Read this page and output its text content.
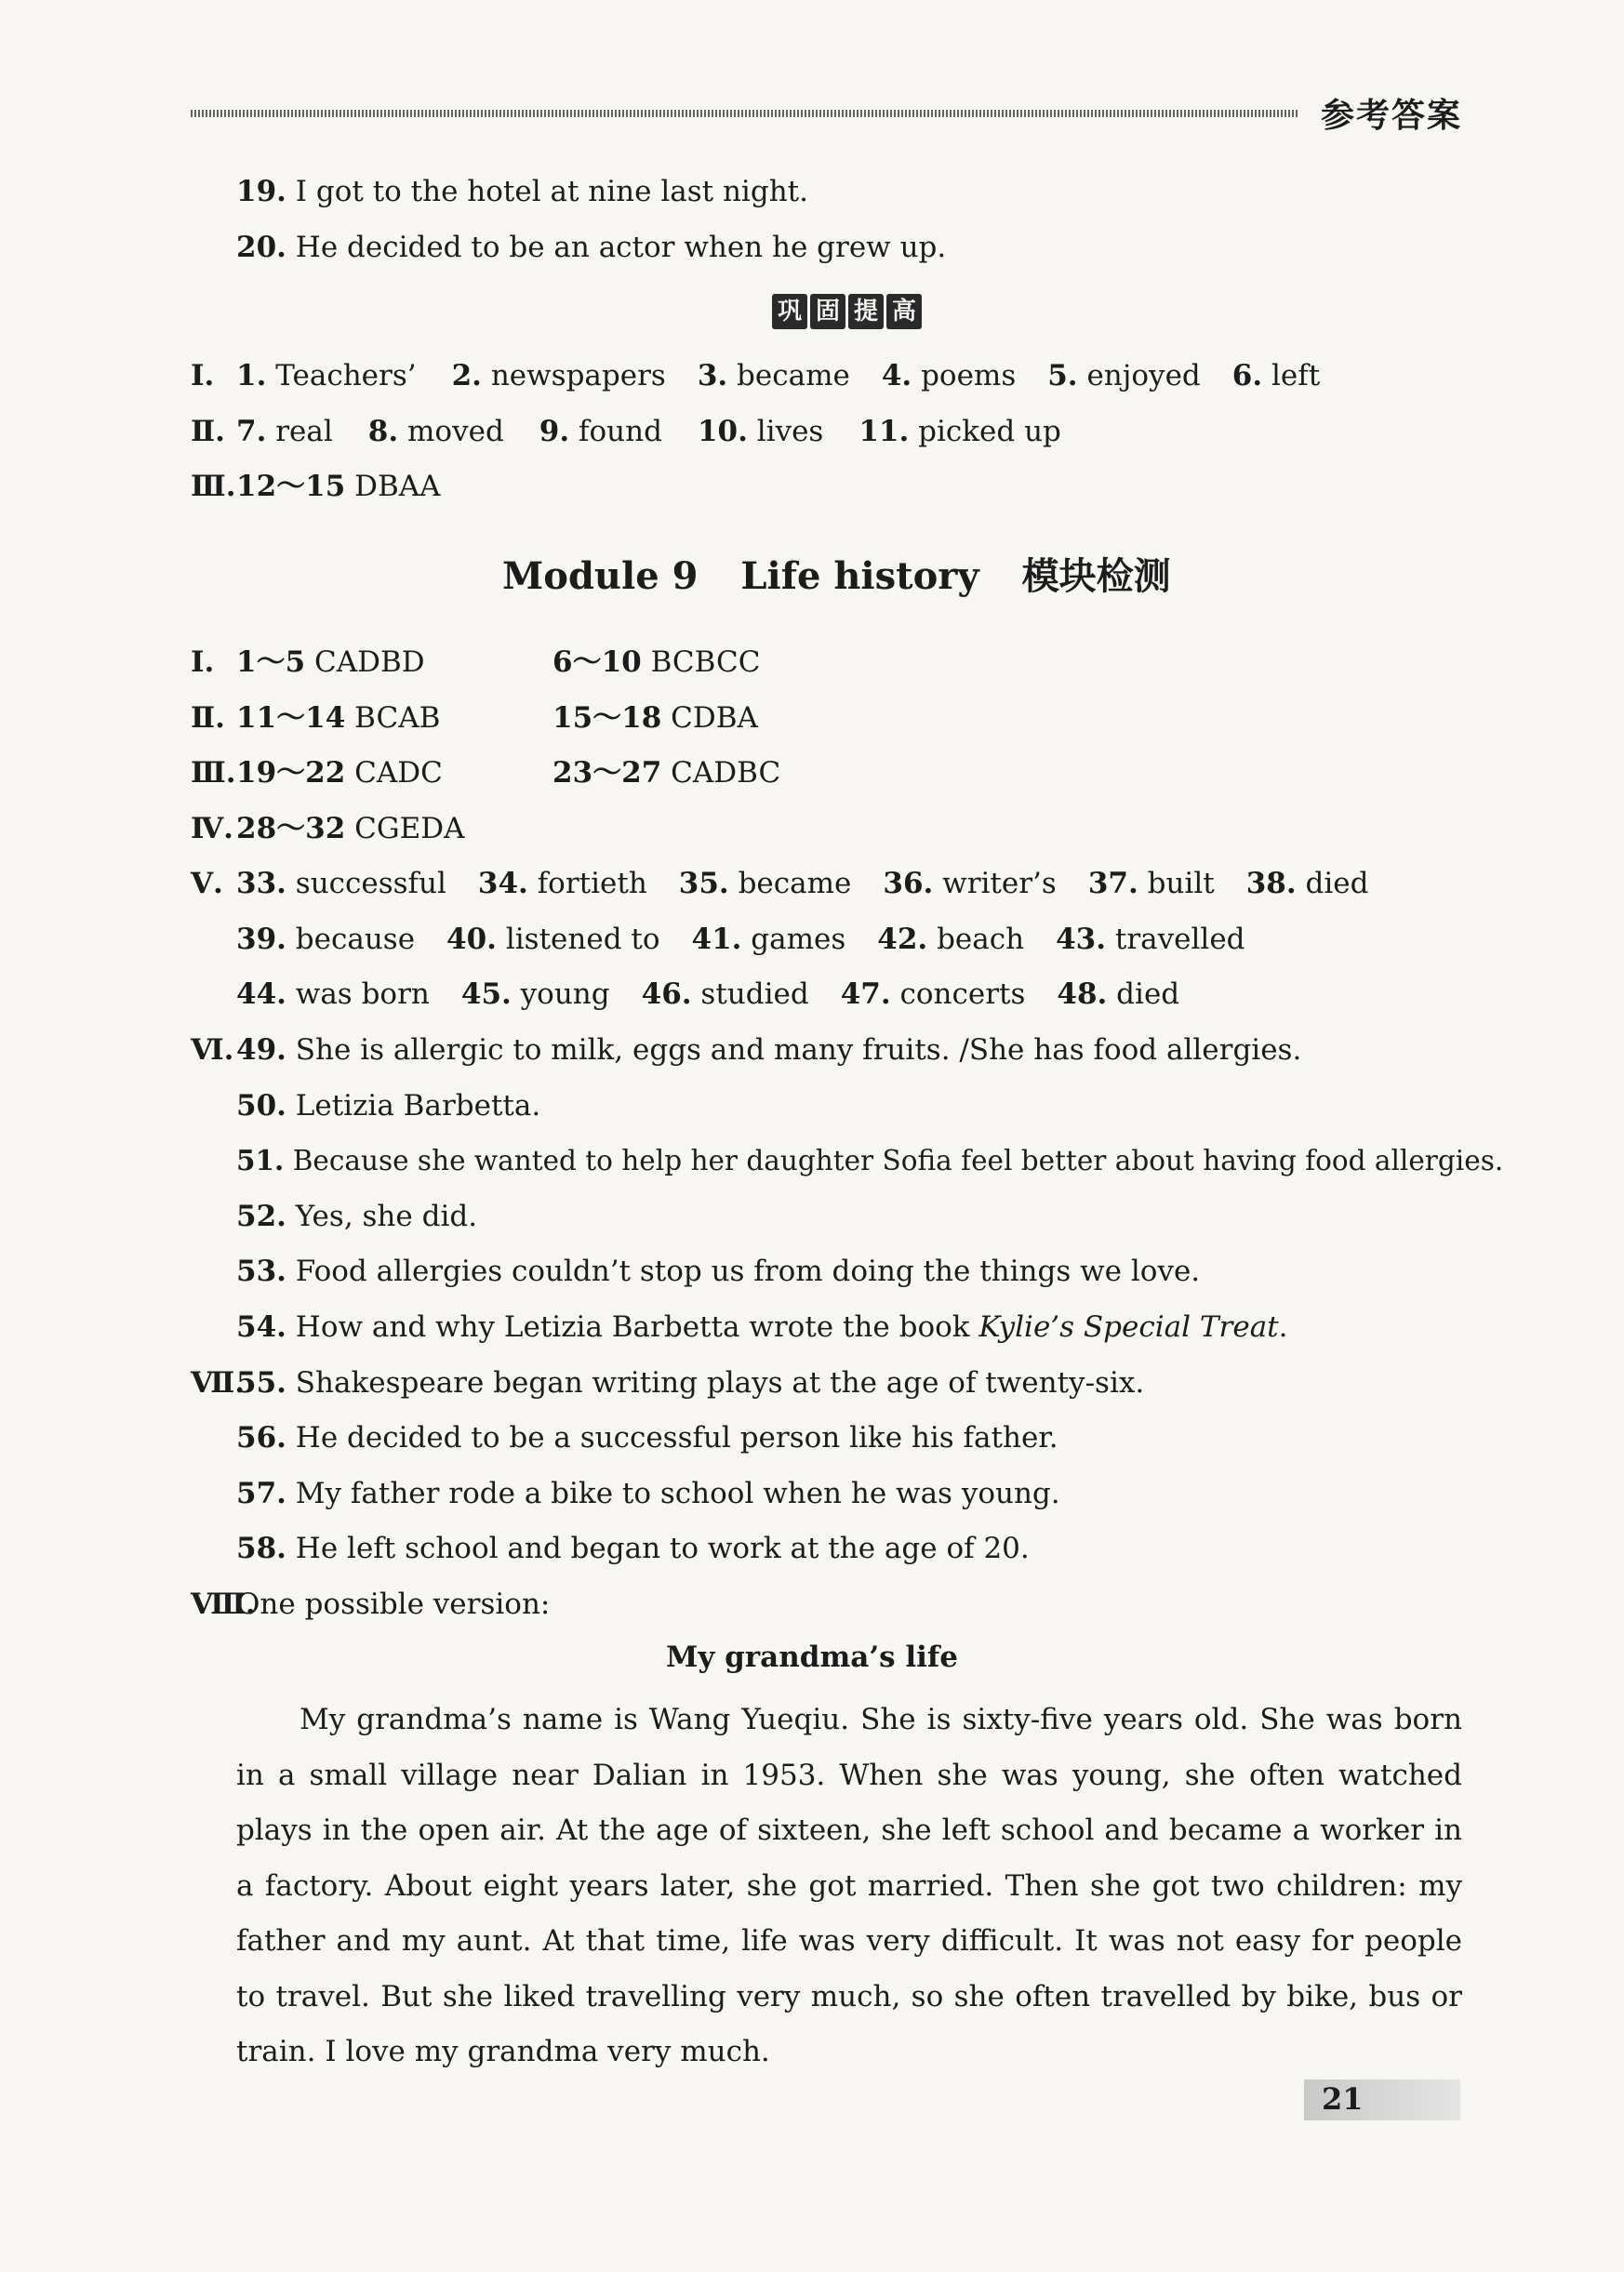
参考答案
19. I got to the hotel at nine last night.
20. He decided to be an actor when he grew up.
巩 固 提 高
Ⅰ. 1. Teachers’ 2. newspapers 3. became 4. poems 5. enjoyed 6. left
Ⅱ. 7. real 8. moved 9. found 10. lives 11. picked up
Ⅲ. 12～15 DBAA
Module 9 Life history 模块检测
Ⅰ. 1～5 CADBD	6～10 BCBCC
Ⅱ. 11～14 BCAB	15～18 CDBA
Ⅲ. 19～22 CADC	23～27 CADBC
Ⅳ. 28～32 CGEDA
Ⅴ. 33. successful 34. fortieth 35. became 36. writer’s 37. built 38. died
39. because 40. listened to 41. games 42. beach 43. travelled
44. was born 45. young 46. studied 47. concerts 48. died
Ⅵ. 49. She is allergic to milk, eggs and many fruits. /She has food allergies.
50. Letizia Barbetta.
51. Because she wanted to help her daughter Sofia feel better about having food allergies.
52. Yes, she did.
53. Food allergies couldn’t stop us from doing the things we love.
54. How and why Letizia Barbetta wrote the book Kylie’s Special Treat.
Ⅶ.
55. Shakespeare began writing plays at the age of twenty-six.
56. He decided to be a successful person like his father.
57. My father rode a bike to school when he was young.
58. He left school and began to work at the age of 20.
Ⅷ.
One possible version:
My grandma’s life
My grandma’s name is Wang Yueqiu. She is sixty-five years old. She was born in a small village near Dalian in 1953. When she was young, she often watched plays in the open air. At the age of sixteen, she left school and became a worker in a factory. About eight years later, she got married. Then she got two children: my father and my aunt. At that time, life was very difficult. It was not easy for people to travel. But she liked travelling very much, so she often travelled by bike, bus or train. I love my grandma very much.
21
